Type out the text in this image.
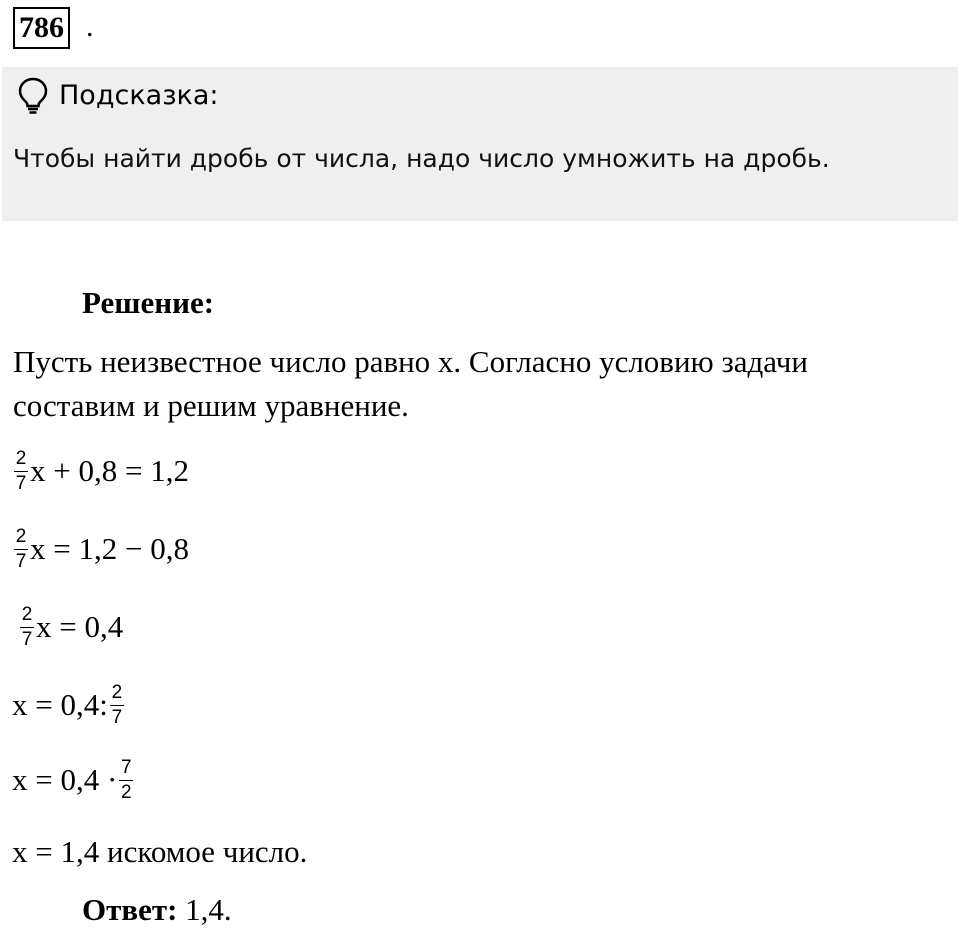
786 .
Подсказка:
Чтобы найти дробь от числа, надо число умножить на дробь.
Решение:
Пусть неизвестное число равно x. Согласно условию задачи
составим и решим уравнение.
$\frac{2}{7}$ x + 0,8 = 1,2
$\frac{2}{7}$ x = 1,2 − 0,8
$\frac{2}{7}$ x = 0,4
x = 0,4: $\frac{2}{7}$
$x = 0,4 \cdot \frac{7}{2}$
x = 1,4 искомое число.
Ответ: 1,4.
